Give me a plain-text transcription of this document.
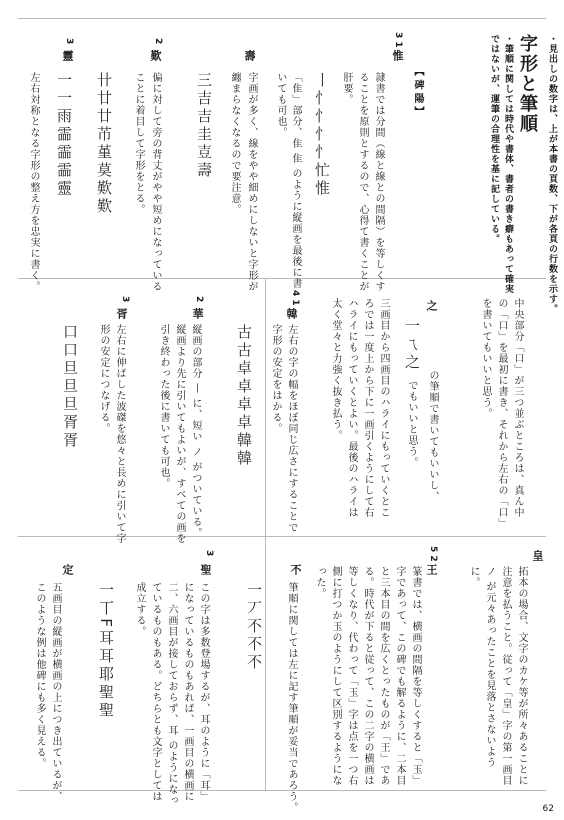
字形と筆順 ・見出しの数字は、上が本書の頁数、下が各頁の行数を示す。
・筆順に関しては時代や書体、書者の書き癖もあって確実
ではないが、運筆の合理性を基に記している。
3 1
惟
【 碑 陽 】
隷書では分間（線と線との間隔）を等しくす
ることを原則とするので、心得て書くことが
肝要。
丨忄忄忄忄忙惟
「隹」部分、隹 隹 のように縦画を最後に書
いても可也。
壽
字画が多く、線をやや細めにしないと字形が
纏まらなくなるので要注意。
三吉吉圭壴壽
2
歎
偏に対して旁の背丈がやや短めになっている
ことに着目して字形をとる。
卄廿廿芇堇莫歎歎
3
靈
一一雨霝霝霝靈
左右対称となる字形の整え方を忠実に書く。
之	中央部分「口」が三つ並ぶところは、真ん中
の「口」を最初に書き、それから左右の「口」
を書いてもいいと思う。
一ㄟ之
の筆順で書いてもいいし、
でもいいと思う。
三画目から四画目のハライにもっていくとこ
ろでは一度上から下に一画引くようにして右
ハライにもっていくとよい。最後のハライは
太く堂々と力強く抜き払う。
4 1
韓
左右の字の幅をほぼ同じ広さにすることで
字形の安定をはかる。
古古卓卓卓卓韓韓
2
華
縦画の部分 丨 に、短い ノ がついている。
縦画より先に引いてもよいが、すべての画を
引き終わった後に書いても可也。
3
胥
左右に伸ばした波磔を悠々と長めに引いて字
形の安定につなげる。
口口旦旦旦胥胥
皇
拓本の場合、文字のカケ等が所々あることに
注意を払うこと。従って「皇」字の第一画目
ノ が元々あったことを見落とさないよう
に。
5 2
王
篆書では、横画の間隔を等しくすると「玉」
字であって、この碑でも解るように、二本目
と三本目の間を広くとったものが「王」であ
る。時代が下ると従って、この二字の横画は
等しくなり、代わって「玉」字は点を一つ右
側に打つか玉のようにして区別するようにな
った。
不
筆順に関しては左に記す筆順が妥当であろう。
一丆不不不
3
聖
この字は多数登場するが、耳のように「耳」
になっているものもあれば、一画目の横画に
二、六画目が接しておらず、耳 のようになっ
ているものもある。どちらとも文字としては
成立する。
一丅F耳耳耶聖聖
定
五画目の縦画が横画の上につき出ているが、
このような例は他碑にも多く見える。
62
